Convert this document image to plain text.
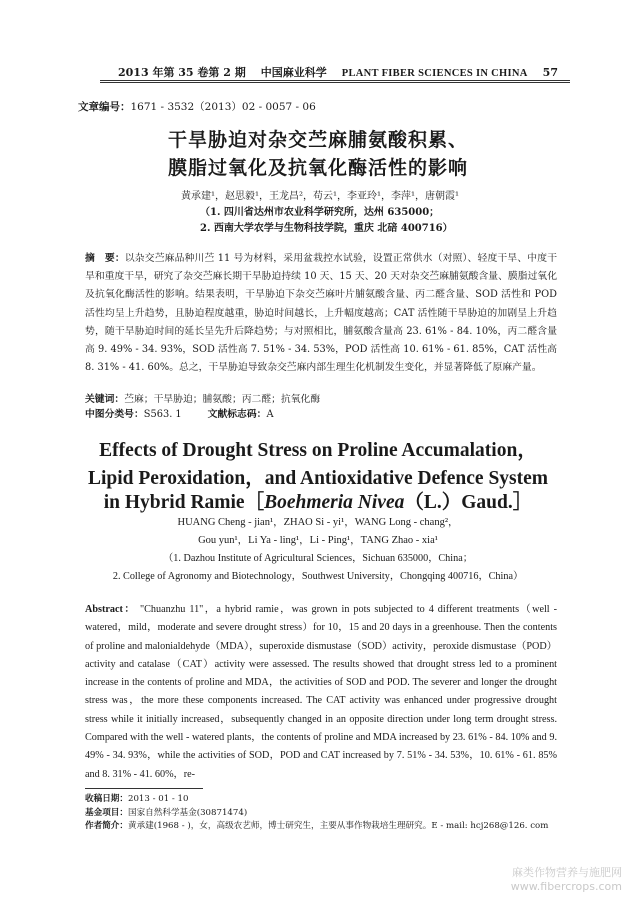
2013 年第 35 卷第 2 期 中国麻业科学 PLANT FIBER SCIENCES IN CHINA 57
文章编号：1671 - 3532（2013）02 - 0057 - 06
干旱胁迫对杂交苎麻脯氨酸积累、
膜脂过氧化及抗氧化酶活性的影响
黄承建¹，赵思毅¹，王龙昌²，苟云¹，李亚玲¹，李萍¹，唐朝霞¹
（1. 四川省达州市农业科学研究所，达州 635000；
2. 西南大学农学与生物科技学院，重庆 北碚 400716）
摘　要：以杂交苎麻品种川苎 11 号为材料，采用盆栽控水试验，设置正常供水（对照）、轻度干旱、中度干旱和重度干旱，研究了杂交苎麻长期干旱胁迫持续 10 天、15 天、20 天对杂交苎麻脯氨酸含量、膜脂过氧化及抗氧化酶活性的影响。结果表明，干旱胁迫下杂交苎麻叶片脯氨酸含量、丙二醛含量、SOD 活性和 POD 活性均呈上升趋势，且胁迫程度越重，胁迫时间越长，上升幅度越高；CAT 活性随干旱胁迫的加剧呈上升趋势，随干旱胁迫时间的延长呈先升后降趋势；与对照相比，脯氨酸含量高 23. 61% - 84. 10%，丙二醛含量高 9. 49% - 34. 93%，SOD 活性高 7. 51% - 34. 53%，POD 活性高 10. 61% - 61. 85%，CAT 活性高 8. 31% - 41. 60%。总之，干旱胁迫导致杂交苎麻内部生理生化机制发生变化，并显著降低了原麻产量。
关键词：苎麻；干旱胁迫；脯氨酸；丙二醛；抗氧化酶
中图分类号：S563. 1	文献标志码：A
Effects of Drought Stress on Proline Accumalation，
Lipid Peroxidation，and Antioxidative Defence System
in Hybrid Ramie［Boehmeria Nivea（L.）Gaud.］
HUANG Cheng - jian¹，ZHAO Si - yi¹，WANG Long - chang²，
Gou yun¹，Li Ya - ling¹，Li - Ping¹，TANG Zhao - xia¹
（1. Dazhou Institute of Agricultural Sciences，Sichuan 635000，China；
2. College of Agronomy and Biotechnology，Southwest University，Chongqing 400716，China）
Abstract： "Chuanzhu 11"，a hybrid ramie，was grown in pots subjected to 4 different treatments（well - watered，mild，moderate and severe drought stress）for 10，15 and 20 days in a greenhouse. Then the contents of proline and malonialdehyde（MDA），superoxide dismustase（SOD）activity，peroxide dismustase（POD）activity and catalase（CAT）activity were assessed. The results showed that drought stress led to a prominent increase in the contents of proline and MDA，the activities of SOD and POD. The severer and longer the drought stress was，the more these components increased. The CAT activity was enhanced under progressive drought stress while it initially increased，subsequently changed in an opposite direction under long term drought stress. Compared with the well - watered plants，the contents of proline and MDA increased by 23. 61% - 84. 10% and 9. 49% - 34. 93%，while the activities of SOD，POD and CAT increased by 7. 51% - 34. 53%，10. 61% - 61. 85% and 8. 31% - 41. 60%，re-
收稿日期：2013 - 01 - 10
基金项目：国家自然科学基金(30871474)
作者简介：黄承建(1968 - )，女，高级农艺师，博士研究生，主要从事作物栽培生理研究。E - mail: hcj268@126. com
麻类作物营养与施肥网
www.fibercrops.com
